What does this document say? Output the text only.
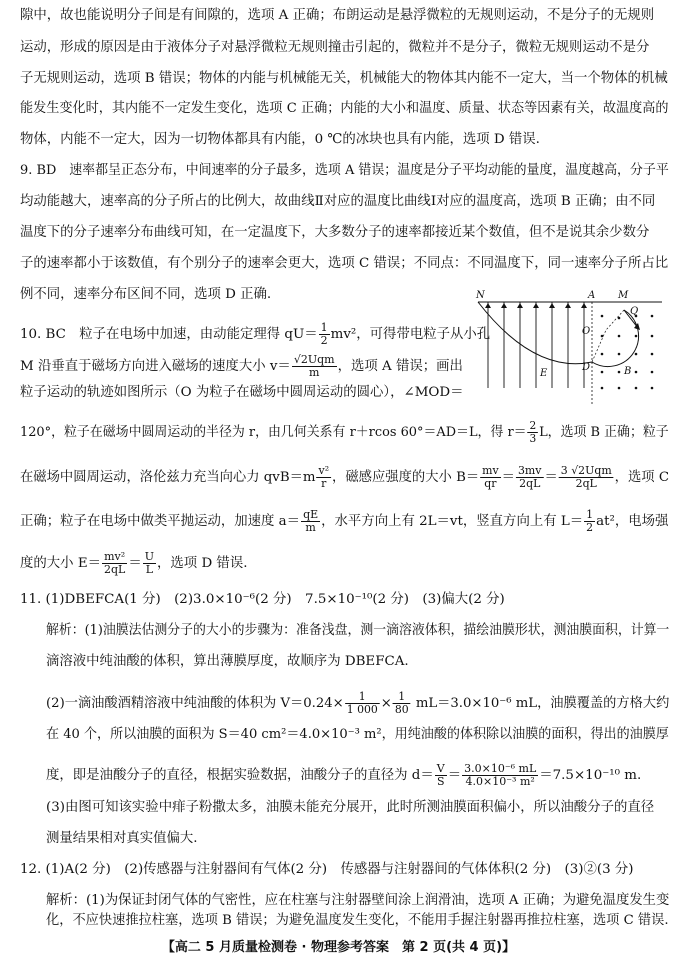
隙中，故也能说明分子间是有间隙的，选项 A 正确；布朗运动是悬浮微粒的无规则运动，不是分子的无规则
运动，形成的原因是由于液体分子对悬浮微粒无规则撞击引起的，微粒并不是分子，微粒无规则运动不是分
子无规则运动，选项 B 错误；物体的内能与机械能无关，机械能大的物体其内能不一定大，当一个物体的机械
能发生变化时，其内能不一定发生变化，选项 C 正确；内能的大小和温度、质量、状态等因素有关，故温度高的
物体，内能不一定大，因为一切物体都具有内能，0 ℃的冰块也具有内能，选项 D 错误.
9. BD　速率都呈正态分布，中间速率的分子最多，选项 A 错误；温度是分子平均动能的量度，温度越高，分子平
均动能越大，速率高的分子所占的比例大，故曲线Ⅱ对应的温度比曲线Ⅰ对应的温度高，选项 B 正确；由不同
温度下的分子速率分布曲线可知，在一定温度下，大多数分子的速率都接近某个数值，但不是说其余少数分
子的速率都小于该数值，有个别分子的速率会更大，选项 C 错误；不同点：不同温度下，同一速率分子所占比
例不同，速率分布区间不同，选项 D 正确.
10. BC　粒子在电场中加速，由动能定理得 $qU= \frac{1}{2} mv^2$，可得带电粒子从小孔
M 沿垂直于磁场方向进入磁场的速度大小 $v= \frac{\text{√2Uqm}}{m}$ ，选项 A 错误；画出
粒子运动的轨迹如图所示（O 为粒子在磁场中圆周运动的圆心），∠MOD＝
120°，粒子在磁场中圆周运动的半径为 r，由几何关系有 r＋rcos 60°＝AD＝L，得 $r= \frac{2}{3}$ L，选项 B 正确；粒子
在磁场中圆周运动，洛伦兹力充当向心力 $qvB=m \frac{\text{v²}}{r}$ ，磁感应强度的大小 $B= \frac{mv}{qr} = \frac{3mv}{2qL} = \frac{\text{3 √2Uqm}}{2qL}$ ，选项 C
正确；粒子在电场中做类平抛运动，加速度 $a= \frac{qE}{m}$ ，水平方向上有 2L＝vt，竖直方向上有 $L= \frac{1}{2} at^2$，电场强
度的大小 $E= \frac{\text{mv²}}{2qL} = \frac{U}{L}$ ，选项 D 错误.
N	A M
Q
O
D
E	B
11. (1)DBEFCA(1 分)　(2)3.0×10⁻⁶(2 分)　7.5×10⁻¹⁰(2 分)　(3)偏大(2 分)
解析：(1)油膜法估测分子的大小的步骤为：准备浅盘，测一滴溶液体积，描绘油膜形状，测油膜面积，计算一
滴溶液中纯油酸的体积，算出薄膜厚度，故顺序为 DBEFCA.
(2)一滴油酸酒精溶液中纯油酸的体积为 $V=0.24\times \frac{1}{1 000} \times \frac{1}{80} mL=3.0\times 10^{-6}$ mL，油膜覆盖的方格大约
在 40 个，所以油膜的面积为 S＝40 cm²＝4.0×10⁻³ m²，用纯油酸的体积除以油膜的面积，得出的油膜厚
度，即是油酸分子的直径，根据实验数据，油酸分子的直径为 $d= \frac{V}{S} = \frac{\text{3.0×10⁻⁶ mL}}{\text{4.0×10⁻³ m²}} =7.5\times 10^{-10}$ m.
(3)由图可知该实验中痱子粉撒太多，油膜未能充分展开，此时所测油膜面积偏小，所以油酸分子的直径
测量结果相对真实值偏大.
12. (1)A(2 分)　(2)传感器与注射器间有气体(2 分)　传感器与注射器间的气体体积(2 分)　(3)②(3 分)
解析：(1)为保证封闭气体的气密性，应在柱塞与注射器壁间涂上润滑油，选项 A 正确；为避免温度发生变
化，不应快速推拉柱塞，选项 B 错误；为避免温度发生变化，不能用手握注射器再推拉柱塞，选项 C 错误.
【高二 5 月质量检测卷 · 物理参考答案　第 2 页(共 4 页)】
